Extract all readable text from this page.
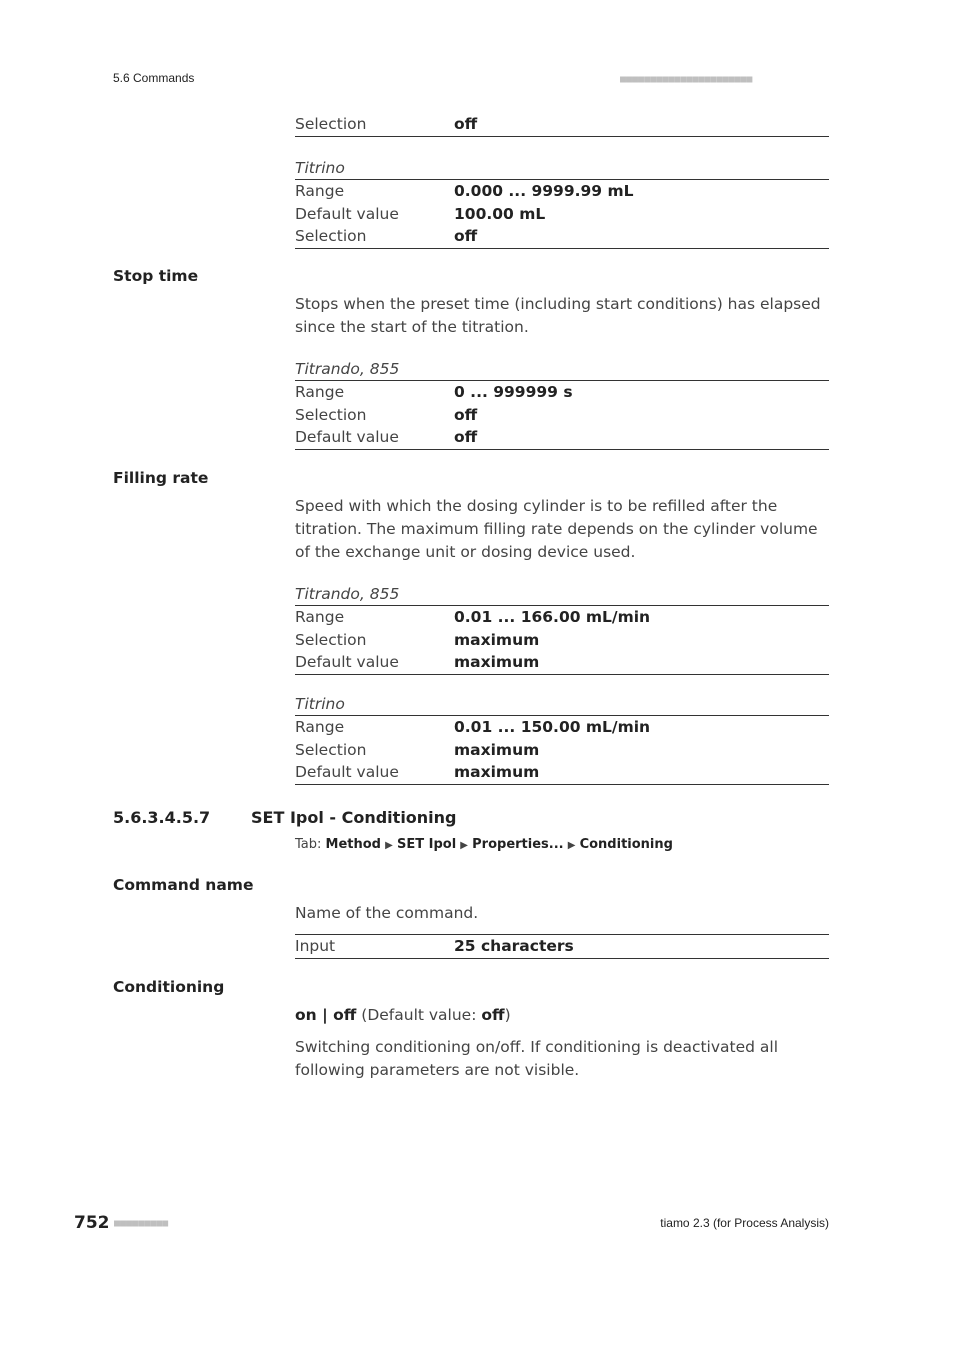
5.6 Commands	■■■■■■■■■■■■■■■■■■■■■■
Selection	off
Titrino
Range	0.000 ... 9999.99 mL
Default value	100.00 mL
Selection	off
Stop time
Stops when the preset time (including start conditions) has elapsed since the start of the titration.
Titrando, 855
Range	0 ... 999999 s
Selection	off
Default value	off
Filling rate
Speed with which the dosing cylinder is to be refilled after the titration. The maximum filling rate depends on the cylinder volume of the exchange unit or dosing device used.
Titrando, 855
Range	0.01 ... 166.00 mL/min
Selection	maximum
Default value	maximum
Titrino
Range	0.01 ... 150.00 mL/min
Selection	maximum
Default value	maximum
5.6.3.4.5.7	SET Ipol - Conditioning
Tab: Method ▶ SET Ipol ▶ Properties... ▶ Conditioning
Command name
Name of the command.
Input	25 characters
Conditioning
on | off (Default value: off)
Switching conditioning on/off. If conditioning is deactivated all following parameters are not visible.
752 ■■■■■■■■■	tiamo 2.3 (for Process Analysis)
